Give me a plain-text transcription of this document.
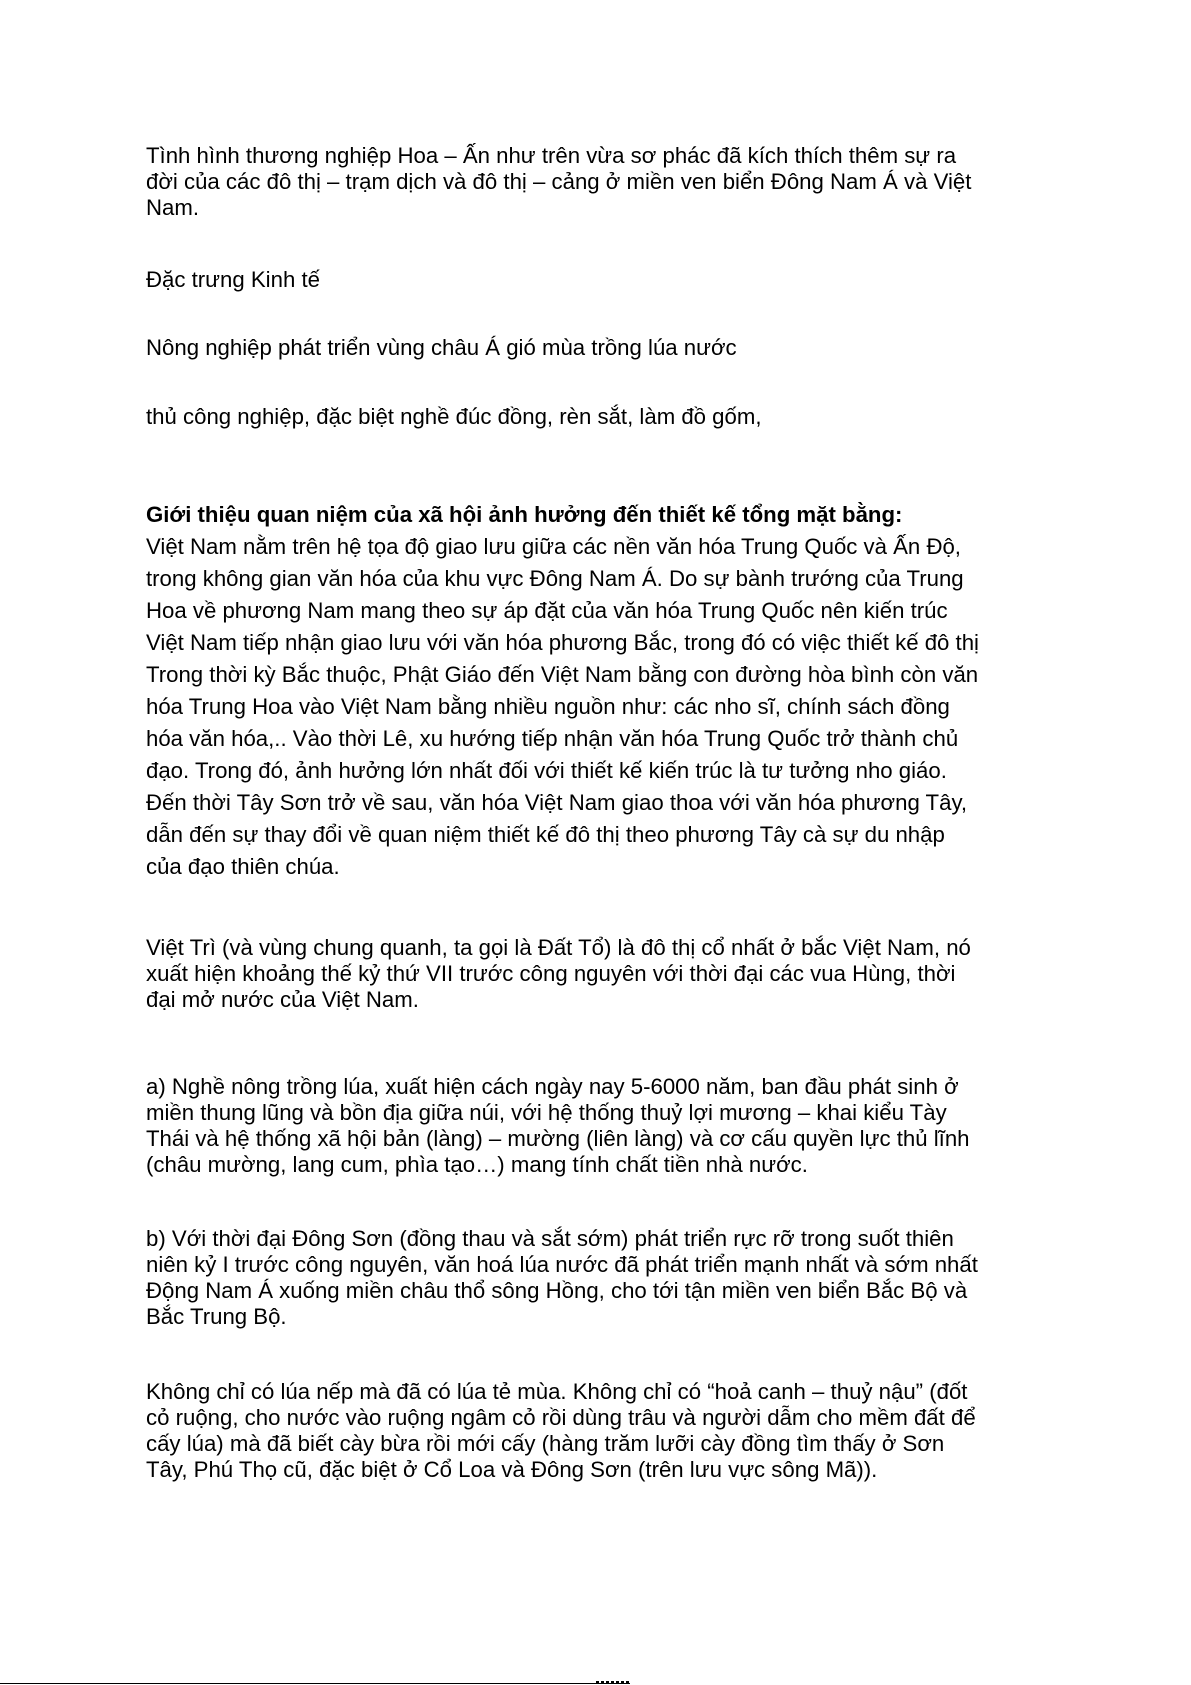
Tình hình thương nghiệp Hoa – Ấn như trên vừa sơ phác đã kích thích thêm sự ra
đời của các đô thị – trạm dịch và đô thị – cảng ở miền ven biển Đông Nam Á và Việt
Nam.

Đặc trưng Kinh tế

Nông nghiệp phát triển vùng châu Á gió mùa trồng lúa nước

thủ công nghiệp, đặc biệt nghề đúc đồng, rèn sắt, làm đồ gốm,

Giới thiệu quan niệm của xã hội ảnh hưởng đến thiết kế tổng mặt bằng:

Việt Nam nằm trên hệ tọa độ giao lưu giữa các nền văn hóa Trung Quốc và Ấn Độ,
trong không gian văn hóa của khu vực Đông Nam Á. Do sự bành trướng của Trung
Hoa về phương Nam mang theo sự áp đặt của văn hóa Trung Quốc nên kiến trúc
Việt Nam tiếp nhận giao lưu với văn hóa phương Bắc, trong đó có việc thiết kế đô thị
Trong thời kỳ Bắc thuộc, Phật Giáo đến Việt Nam bằng con đường hòa bình còn văn
hóa Trung Hoa vào Việt Nam bằng nhiều nguồn như: các nho sĩ, chính sách đồng
hóa văn hóa,.. Vào thời Lê, xu hướng tiếp nhận văn hóa Trung Quốc trở thành chủ
đạo. Trong đó, ảnh hưởng lớn nhất đối với thiết kế kiến trúc là tư tưởng nho giáo.
Đến thời Tây Sơn trở về sau, văn hóa Việt Nam giao thoa với văn hóa phương Tây,
dẫn đến sự thay đổi về quan niệm thiết kế đô thị theo phương Tây cà sự du nhập
của đạo thiên chúa.

Việt Trì (và vùng chung quanh, ta gọi là Đất Tổ) là đô thị cổ nhất ở bắc Việt Nam, nó
xuất hiện khoảng thế kỷ thứ VII trước công nguyên với thời đại các vua Hùng, thời
đại mở nước của Việt Nam.

a) Nghề nông trồng lúa, xuất hiện cách ngày nay 5-6000 năm, ban đầu phát sinh ở
miền thung lũng và bồn địa giữa núi, với hệ thống thuỷ lợi mương – khai kiểu Tày
Thái và hệ thống xã hội bản (làng) – mường (liên làng) và cơ cấu quyền lực thủ lĩnh
(châu mường, lang cum, phìa tạo…) mang tính chất tiền nhà nước.

b) Với thời đại Đông Sơn (đồng thau và sắt sớm) phát triển rực rỡ trong suốt thiên
niên kỷ I trước công nguyên, văn hoá lúa nước đã phát triển mạnh nhất và sớm nhất
Động Nam Á xuống miền châu thổ sông Hồng, cho tới tận miền ven biển Bắc Bộ và
Bắc Trung Bộ.

Không chỉ có lúa nếp mà đã có lúa tẻ mùa. Không chỉ có “hoả canh – thuỷ nậu” (đốt
cỏ ruộng, cho nước vào ruộng ngâm cỏ rồi dùng trâu và người dẫm cho mềm đất để
cấy lúa) mà đã biết cày bừa rồi mới cấy (hàng trăm lưỡi cày đồng tìm thấy ở Sơn
Tây, Phú Thọ cũ, đặc biệt ở Cổ Loa và Đông Sơn (trên lưu vực sông Mã)).
